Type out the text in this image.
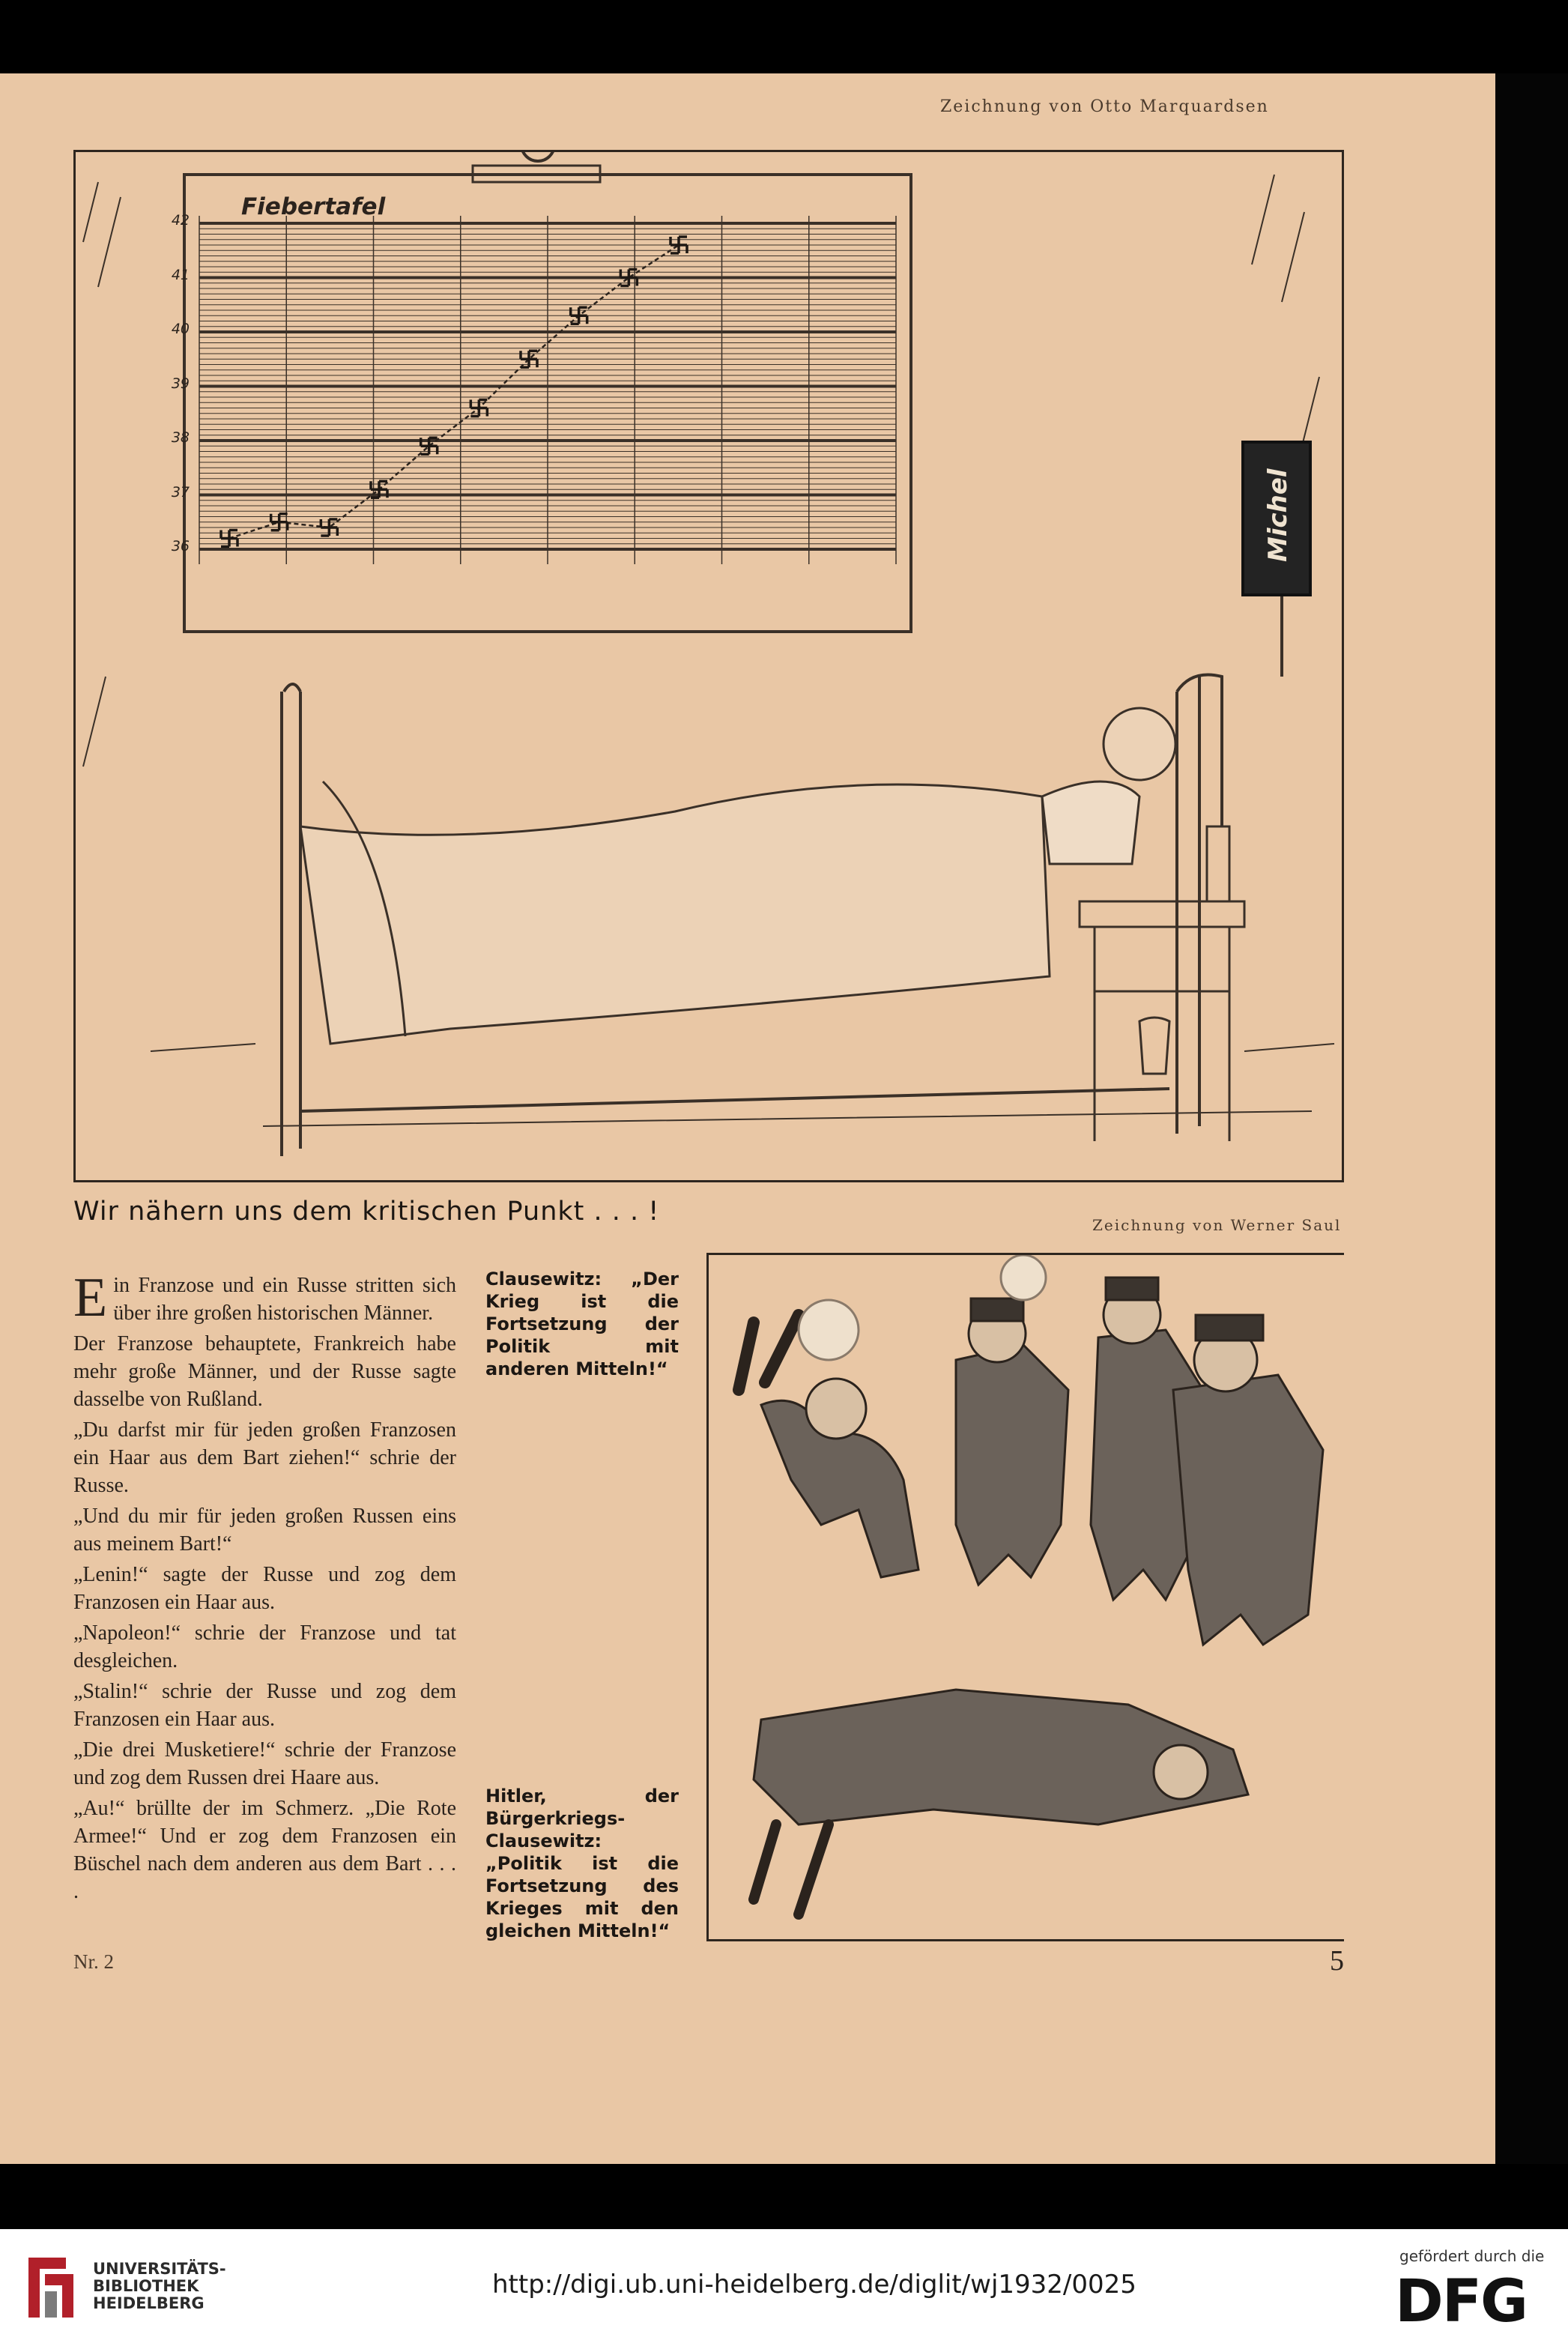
Zeichnung von Otto Marquardsen
Michel
Fiebertafel
42
41
40
39
38
37
36
Wir nähern uns dem kritischen Punkt . . . !	Zeichnung von Werner Saul

Ein Franzose und ein Russe stritten sich über ihre großen historischen Männer.

Der Franzose behauptete, Frankreich habe mehr große Männer, und der Russe sagte dasselbe von Rußland.

„Du darfst mir für jeden großen Franzosen ein Haar aus dem Bart ziehen!“ schrie der Russe.

„Und du mir für jeden großen Russen eins aus meinem Bart!“

„Lenin!“ sagte der Russe und zog dem Franzosen ein Haar aus.

„Napoleon!“ schrie der Franzose und tat desgleichen.

„Stalin!“ schrie der Russe und zog dem Franzosen ein Haar aus.

„Die drei Musketiere!“ schrie der Franzose und zog dem Russen drei Haare aus.

„Au!“ brüllte der im Schmerz. „Die Rote Armee!“ Und er zog dem Franzosen ein Büschel nach dem anderen aus dem Bart . . . .

Clausewitz: „Der Krieg ist die Fortsetzung der Politik mit anderen Mitteln!“

Hitler, der Bürgerkriegs-Clausewitz: „Politik ist die Fortsetzung des Krieges mit den gleichen Mitteln!“

Nr. 2	5
UNIVERSITÄTS-
BIBLIOTHEK
HEIDELBERG
http://digi.ub.uni-heidelberg.de/diglit/wj1932/0025
gefördert durch die
DFG
